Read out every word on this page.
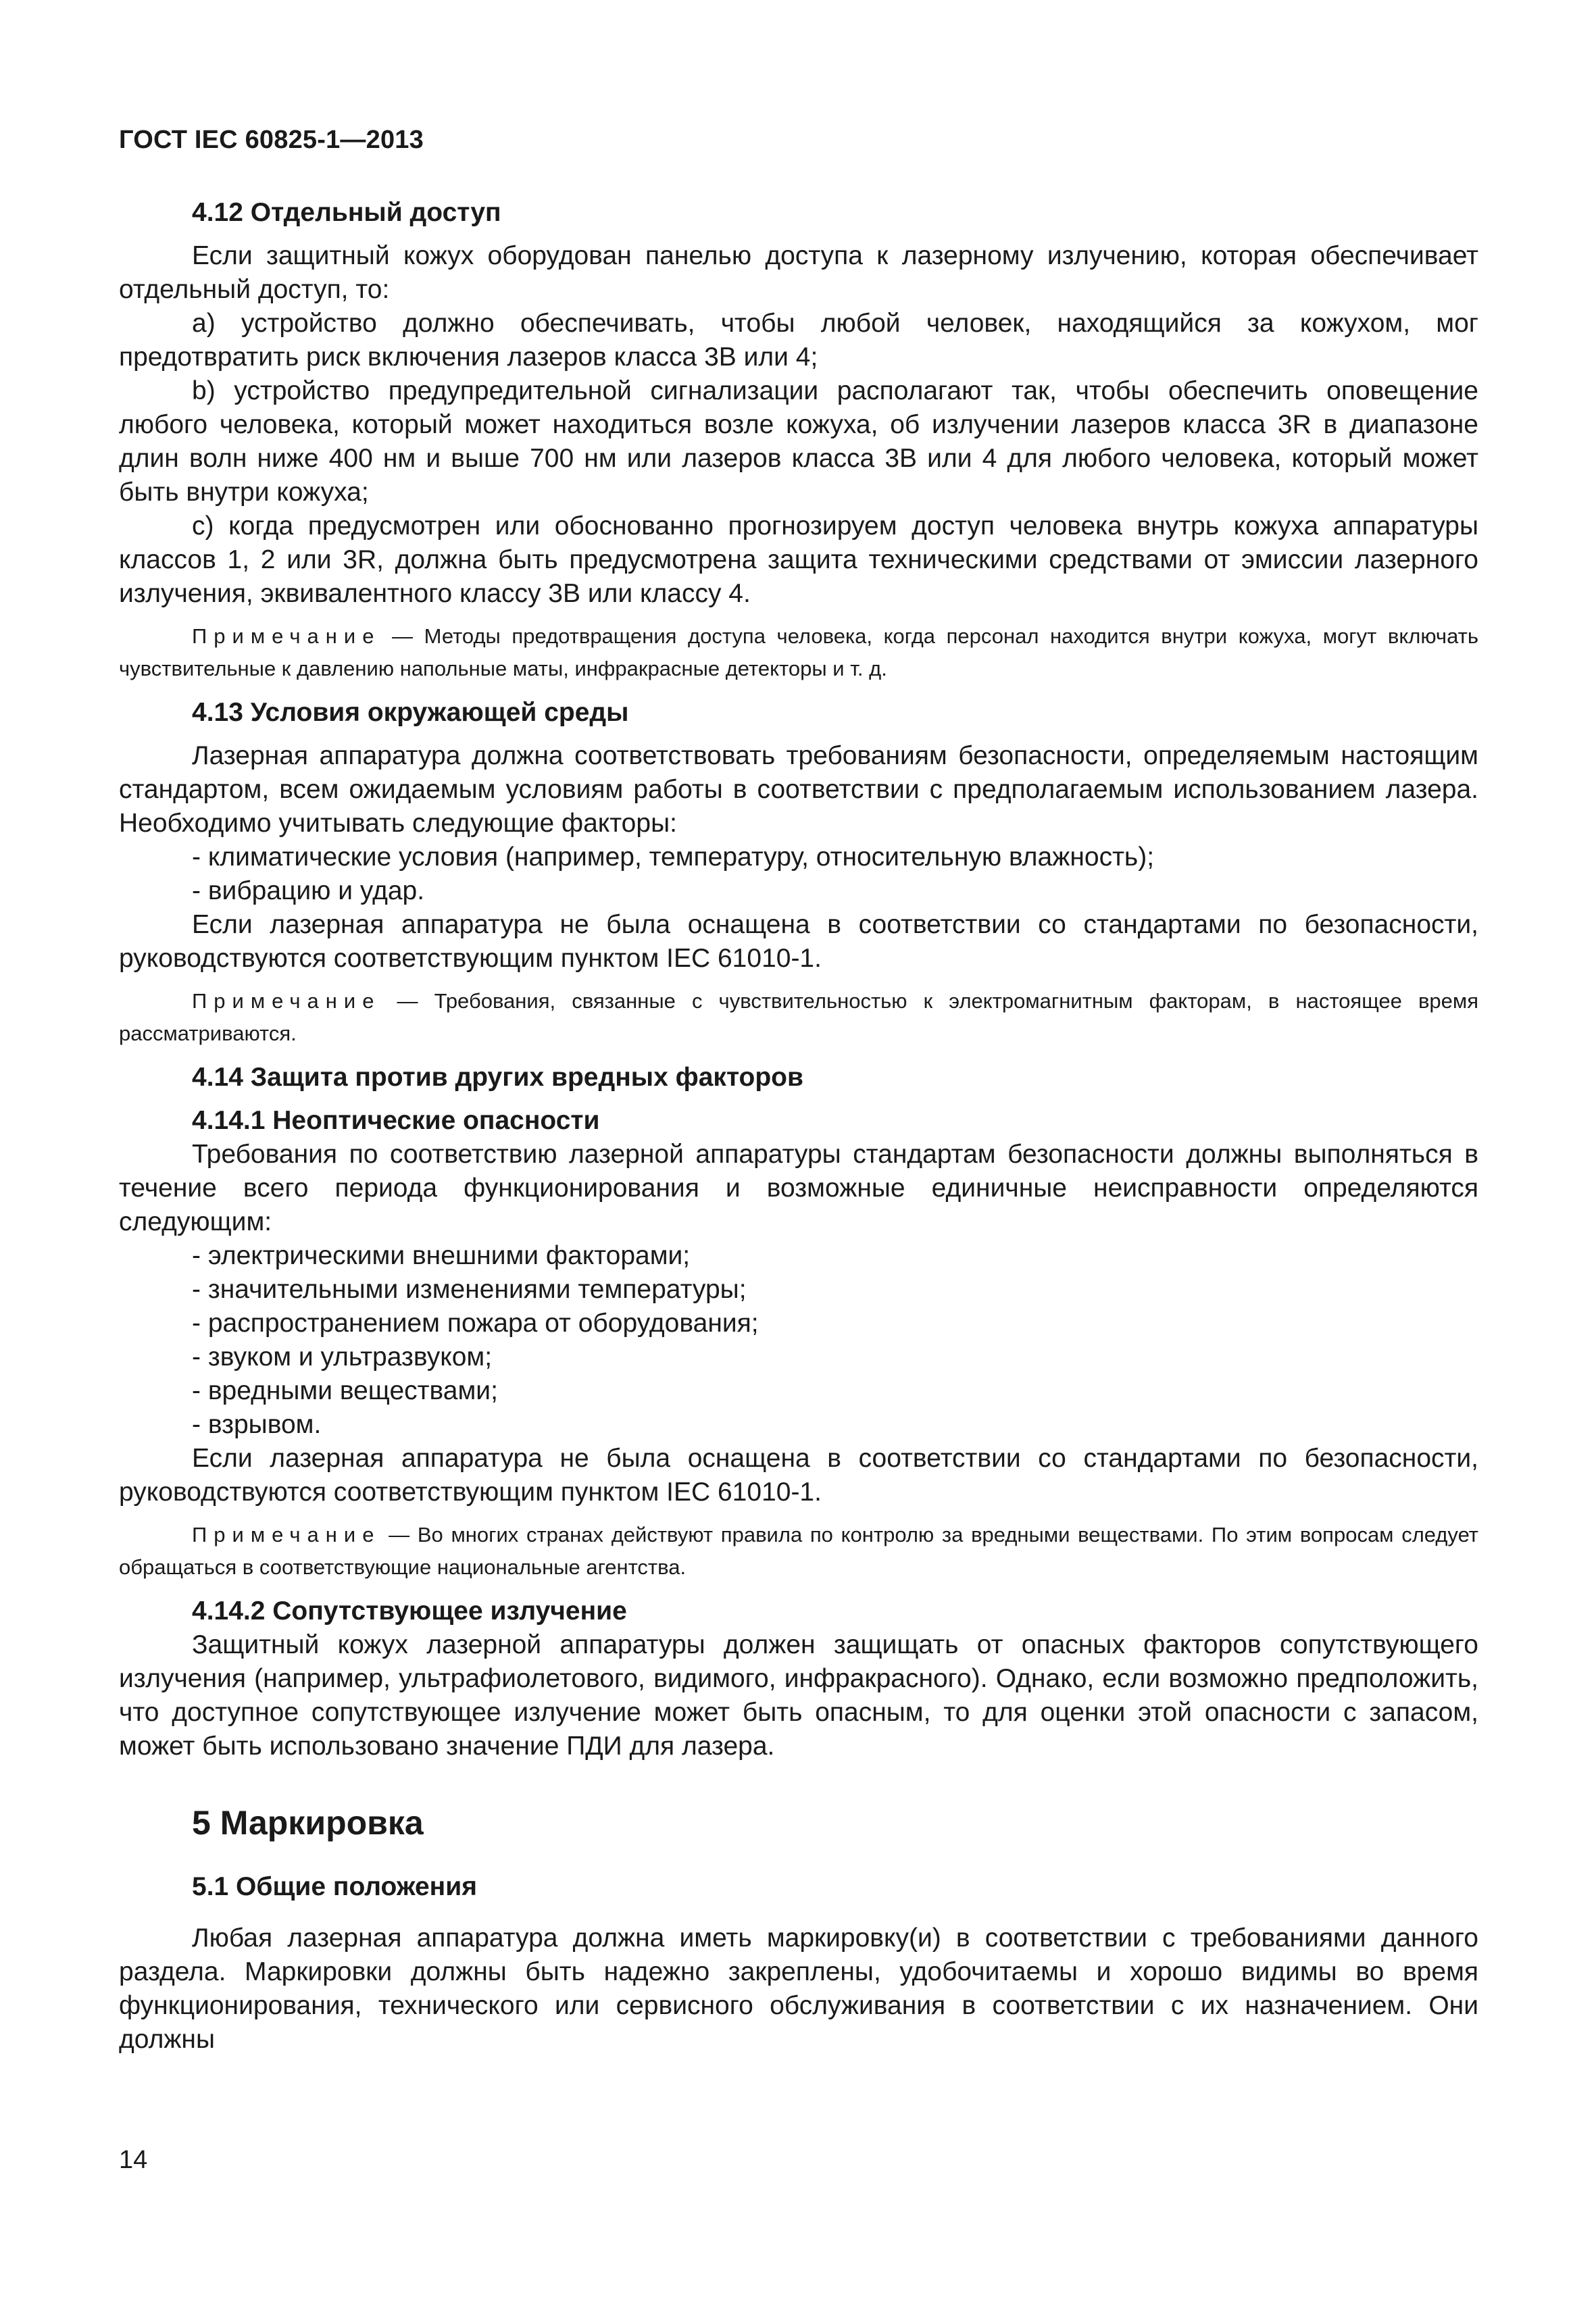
ГОСТ IEC 60825-1—2013
4.12 Отдельный доступ

Если защитный кожух оборудован панелью доступа к лазерному излучению, которая обеспечивает отдельный доступ, то:

а) устройство должно обеспечивать, чтобы любой человек, находящийся за кожухом, мог предотвратить риск включения лазеров класса 3В или 4;

b) устройство предупредительной сигнализации располагают так, чтобы обеспечить оповещение любого человека, который может находиться возле кожуха, об излучении лазеров класса 3R в диапазоне длин волн ниже 400 нм и выше 700 нм или лазеров класса 3В или 4 для любого человека, который может быть внутри кожуха;

с) когда предусмотрен или обоснованно прогнозируем доступ человека внутрь кожуха аппаратуры классов 1, 2 или 3R, должна быть предусмотрена защита техническими средствами от эмиссии лазерного излучения, эквивалентного классу 3В или классу 4.

Примечание — Методы предотвращения доступа человека, когда персонал находится внутри кожуха, могут включать чувствительные к давлению напольные маты, инфракрасные детекторы и т. д.

4.13 Условия окружающей среды

Лазерная аппаратура должна соответствовать требованиям безопасности, определяемым настоящим стандартом, всем ожидаемым условиям работы в соответствии с предполагаемым использованием лазера. Необходимо учитывать следующие факторы:

- климатические условия (например, температуру, относительную влажность);

- вибрацию и удар.

Если лазерная аппаратура не была оснащена в соответствии со стандартами по безопасности, руководствуются соответствующим пунктом IEC 61010-1.

Примечание — Требования, связанные с чувствительностью к электромагнитным факторам, в настоящее время рассматриваются.

4.14 Защита против других вредных факторов
4.14.1 Неоптические опасности

Требования по соответствию лазерной аппаратуры стандартам безопасности должны выполняться в течение всего периода функционирования и возможные единичные неисправности определяются следующим:

- электрическими внешними факторами;

- значительными изменениями температуры;

- распространением пожара от оборудования;

- звуком и ультразвуком;

- вредными веществами;

- взрывом.

Если лазерная аппаратура не была оснащена в соответствии со стандартами по безопасности, руководствуются соответствующим пунктом IEC 61010-1.

Примечание — Во многих странах действуют правила по контролю за вредными веществами. По этим вопросам следует обращаться в соответствующие национальные агентства.

4.14.2 Сопутствующее излучение

Защитный кожух лазерной аппаратуры должен защищать от опасных факторов сопутствующего излучения (например, ультрафиолетового, видимого, инфракрасного). Однако, если возможно предположить, что доступное сопутствующее излучение может быть опасным, то для оценки этой опасности с запасом, может быть использовано значение ПДИ для лазера.

5 Маркировка
5.1 Общие положения

Любая лазерная аппаратура должна иметь маркировку(и) в соответствии с требованиями данного раздела. Маркировки должны быть надежно закреплены, удобочитаемы и хорошо видимы во время функционирования, технического или сервисного обслуживания в соответствии с их назначением. Они должны

14
